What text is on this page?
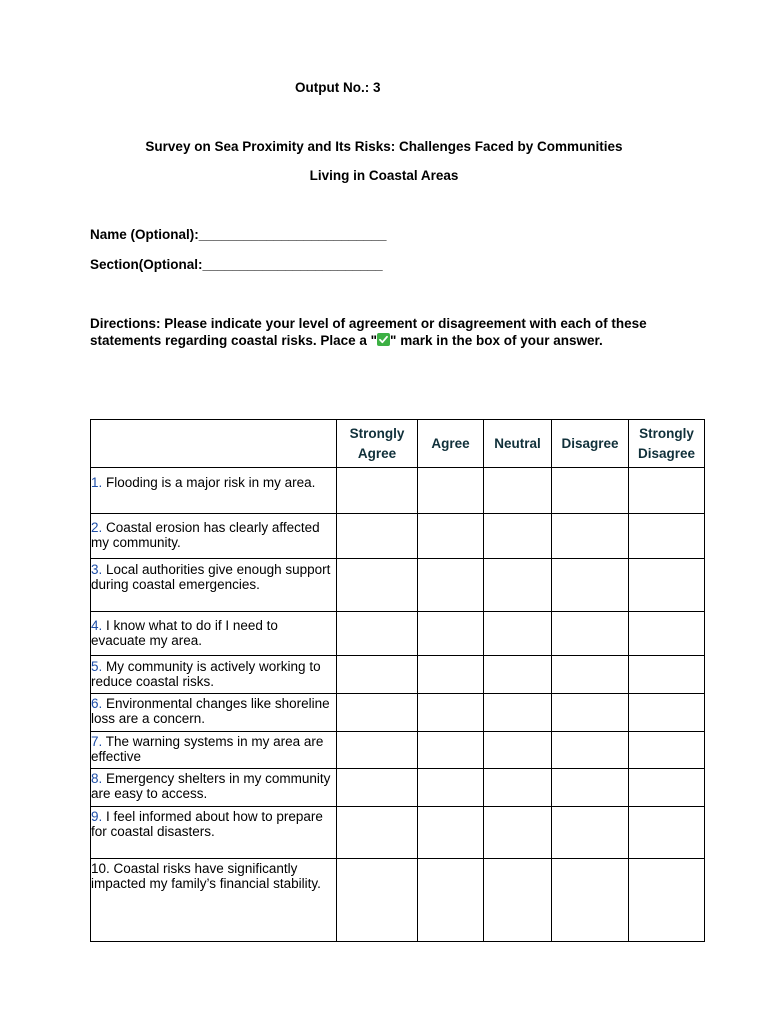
Output No.: 3
Survey on Sea Proximity and Its Risks: Challenges Faced by Communities
Living in Coastal Areas
Name (Optional):_________________________
Section(Optional:________________________
Directions: Please indicate your level of agreement or disagreement with each of these statements regarding coastal risks. Place a " " mark in the box of your answer.
	Strongly Agree	Agree	Neutral	Disagree	Strongly Disagree
1. Flooding is a major risk in my area.					
2. Coastal erosion has clearly affected my community.					
3. Local authorities give enough support during coastal emergencies.					
4. I know what to do if I need to evacuate my area.					
5. My community is actively working to reduce coastal risks.					
6. Environmental changes like shoreline loss are a concern.					
7. The warning systems in my area are effective					
8. Emergency shelters in my community are easy to access.					
9. I feel informed about how to prepare for coastal disasters.					
10. Coastal risks have significantly impacted my family’s financial stability.					
